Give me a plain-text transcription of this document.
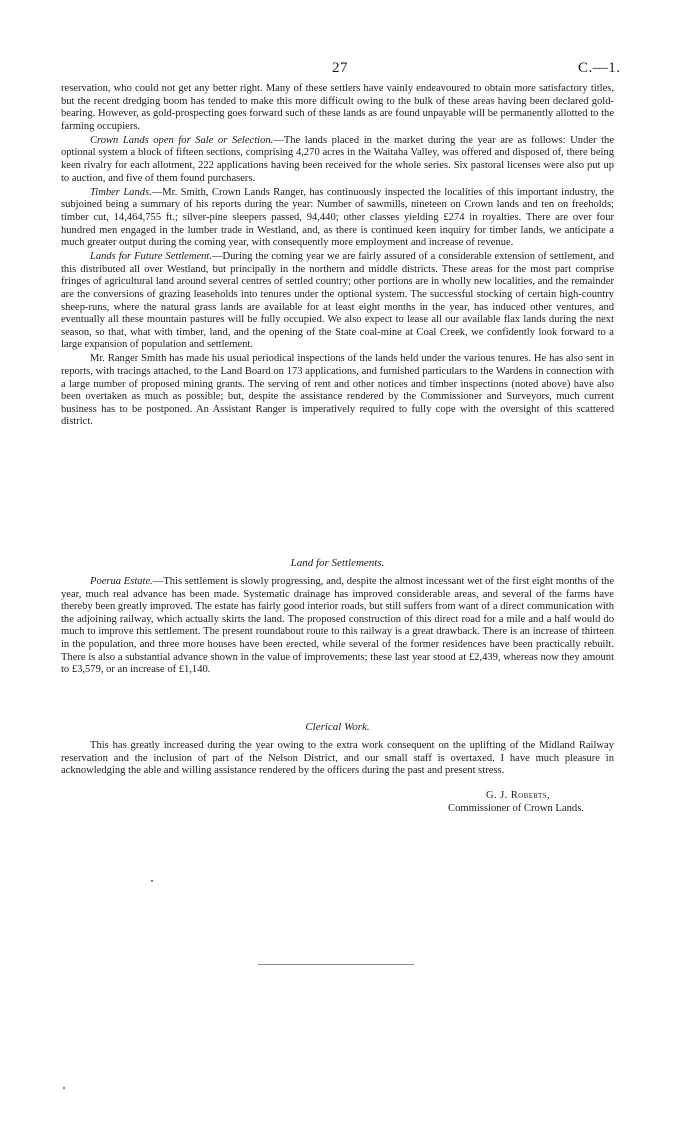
27	C.—1.

reservation, who could not get any better right. Many of these settlers have vainly endeavoured to obtain more satisfactory titles, but the recent dredging boom has tended to make this more difficult owing to the bulk of these areas having been declared gold-bearing. However, as gold-prospecting goes forward such of these lands as are found unpayable will be permanently allotted to the farming occupiers.

Crown Lands open for Sale or Selection.—The lands placed in the market during the year are as follows: Under the optional system a block of fifteen sections, comprising 4,270 acres in the Waitaha Valley, was offered and disposed of, there being keen rivalry for each allotment, 222 applications having been received for the whole series. Six pastoral licenses were also put up to auction, and five of them found purchasers.

Timber Lands.—Mr. Smith, Crown Lands Ranger, has continuously inspected the localities of this important industry, the subjoined being a summary of his reports during the year: Number of sawmills, nineteen on Crown lands and ten on freeholds; timber cut, 14,464,755 ft.; silver-pine sleepers passed, 94,440; other classes yielding £274 in royalties. There are over four hundred men engaged in the lumber trade in Westland, and, as there is continued keen inquiry for timber lands, we anticipate a much greater output during the coming year, with consequently more employment and increase of revenue.

Lands for Future Settlement.—During the coming year we are fairly assured of a considerable extension of settlement, and this distributed all over Westland, but principally in the northern and middle districts. These areas for the most part comprise fringes of agricultural land around several centres of settled country; other portions are in wholly new localities, and the remainder are the conversions of grazing leaseholds into tenures under the optional system. The successful stocking of certain high-country sheep-runs, where the natural grass lands are available for at least eight months in the year, has induced other ventures, and eventually all these mountain pastures will be fully occupied. We also expect to lease all our available flax lands during the next season, so that, what with timber, land, and the opening of the State coal-mine at Coal Creek, we confidently look forward to a large expansion of population and settlement.

Mr. Ranger Smith has made his usual periodical inspections of the lands held under the various tenures. He has also sent in reports, with tracings attached, to the Land Board on 173 applications, and furnished particulars to the Wardens in connection with a large number of proposed mining grants. The serving of rent and other notices and timber inspections (noted above) have also been overtaken as much as possible; but, despite the assistance rendered by the Commissioner and Surveyors, much current business has to be postponed. An Assistant Ranger is imperatively required to fully cope with the oversight of this scattered district.

Land for Settlements.

Poerua Estate.—This settlement is slowly progressing, and, despite the almost incessant wet of the first eight months of the year, much real advance has been made. Systematic drainage has improved considerable areas, and several of the farms have thereby been greatly improved. The estate has fairly good interior roads, but still suffers from want of a direct communication with the adjoining railway, which actually skirts the land. The proposed construction of this direct road for a mile and a half would do much to improve this settlement. The present roundabout route to this railway is a great drawback. There is an increase of thirteen in the population, and three more houses have been erected, while several of the former residences have been practically rebuilt. There is also a substantial advance shown in the value of improvements; these last year stood at £2,439, whereas now they amount to £3,579, or an increase of £1,140.

Clerical Work.

This has greatly increased during the year owing to the extra work consequent on the uplifting of the Midland Railway reservation and the inclusion of part of the Nelson District, and our small staff is overtaxed. I have much pleasure in acknowledging the able and willing assistance rendered by the officers during the past and present stress.

G. J. Roberts,
Commissioner of Crown Lands.
